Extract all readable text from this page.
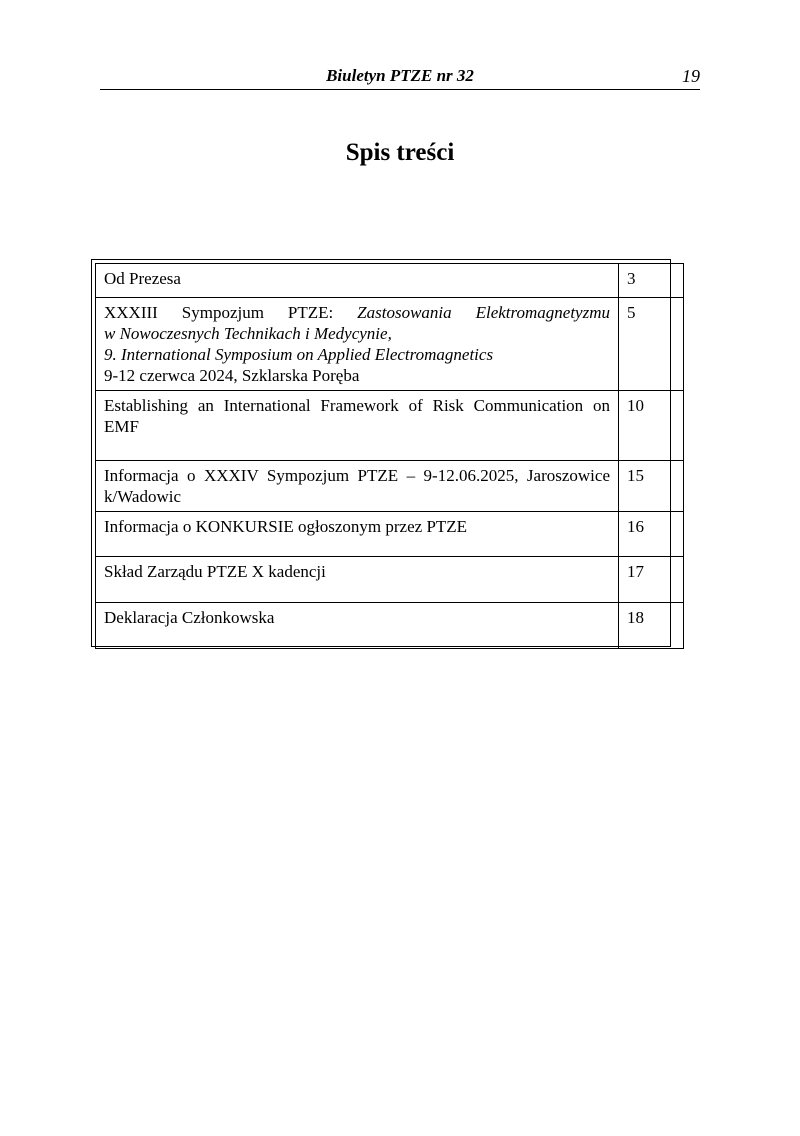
Biuletyn PTZE nr 32	19
Spis treści
Od Prezesa	3

XXXIII Sympozjum PTZE: Zastosowania Elektromagnetyzmu
w Nowoczesnych Technikach i Medycynie,
9. International Symposium on Applied Electromagnetics
9-12 czerwca 2024, Szklarska Poręba	5
Establishing an International Framework of Risk Communication on EMF	10
Informacja o XXXIV Sympozjum PTZE – 9-12.06.2025, Jaroszowice k/Wadowic	15
Informacja o KONKURSIE ogłoszonym przez PTZE	16
Skład Zarządu PTZE X kadencji	17
Deklaracja Członkowska	18
